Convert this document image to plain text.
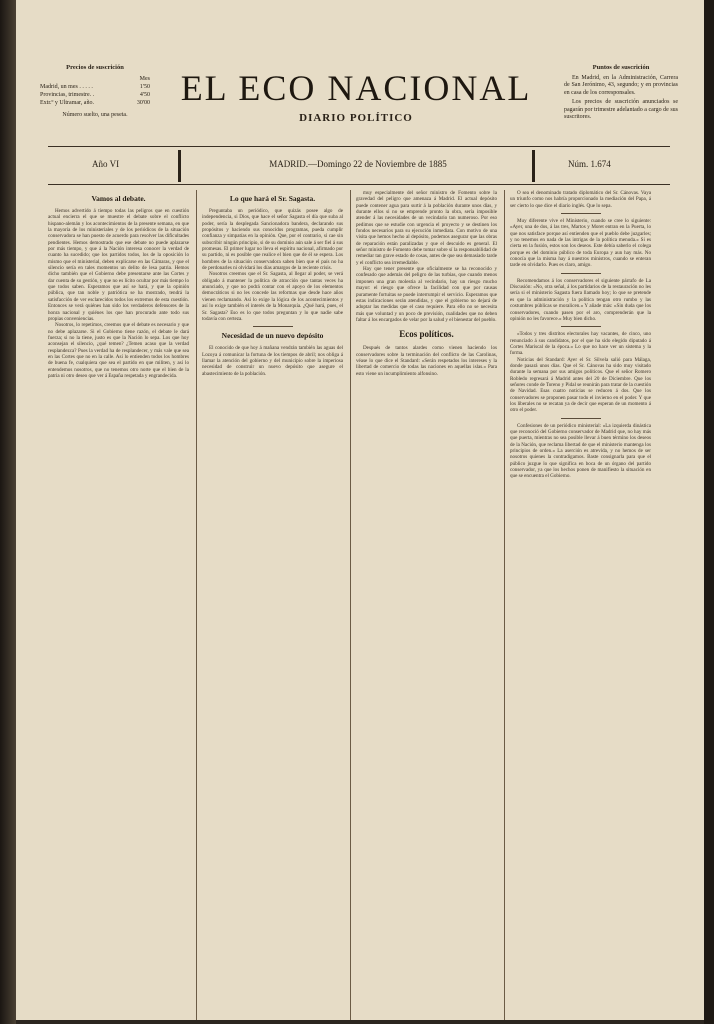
Precios de suscrición
Mes
Madrid, un mes . . . . .	1'50
Provincias, trimestre. .	4'50
Extr.º y Ultramar, año.	30'00
Número suelto, una peseta.
EL ECO NACIONAL
DIARIO POLÍTICO
Puntos de suscrición

En Madrid, en la Administración, Carrera de San Jerónimo, 43, segundo; y en provincias en casa de los corresponsales.

Los precios de suscrición anunciados se pagarán por trimestre adelantado a cargo de sus suscritores.

Año VI	MADRID.—Domingo 22 de Noviembre de 1885	Núm. 1.674
Vamos al debate.

Hemos advertido á tiempo todas las peligros que en cuestión actual encierra el que se muestre el debate sobre el conflicto hispano-alemán y los acontecimientos de la presente semana, en que la mayoría de los ministeriales y de los periódicos de la situación conservadora se han puesto de acuerdo para resolver las dificultades pendientes. Hemos demostrado que ese debate no puede aplazarse por más tiempo, y que á la Nación interesa conocer la verdad de cuanto ha sucedido; que los partidos todos, los de la oposición lo mismo que el ministerial, deben explicarse en las Cámaras, y que el silencio sería en tales momentos un delito de lesa patria. Hemos dicho también que el Gobierno debe presentarse ante las Cortes y dar cuenta de su gestión, y que no es lícito ocultar por más tiempo lo que todos saben. Esperamos que así se hará, y que la opinión pública, que tan noble y patriótica se ha mostrado, tendrá la satisfacción de ver esclarecidos todos los extremos de esta cuestión. Entonces se verá quiénes han sido los verdaderos defensores de la honra nacional y quiénes los que han procurado ante todo sus propias conveniencias.

Nosotros, lo repetimos, creemos que el debate es necesario y que no debe aplazarse. Si el Gobierno tiene razón, el debate le dará fuerza; si no la tiene, justo es que la Nación lo sepa. Los que hoy aconsejan el silencio, ¿qué temen? ¿Temen acaso que la verdad resplandezca? Pues la verdad ha de resplandecer, y más vale que sea en las Cortes que no en la calle. Así lo entienden todos los hombres de buena fe, cualquiera que sea el partido en que militen, y así lo entendemos nosotros, que no tenemos otro norte que el bien de la patria ni otro deseo que ver á España respetada y engrandecida.

Lo que hará el Sr. Sagasta.

Preguntaba un periódico, que quizás posee algo de independencia, si Dios, que hace el señor Sagasta el día que suba al poder, sería la desplegada Sancionadora bandera, declarando sus propósitos y haciendo sus conocidos programas, pueda cumplir confianza y simpatías en la opinión. Que, por el contrario, si cae sin subscribir ningún principio, si de su dominio aún sale á ser fiel á sus promesas. El primer lugar no lleva el espíritu nacional, afirmado por su partido, ni es posible que realice el bien que de él se espera. Los hombres de la situación conservadora saben bien que el país no ha de perdonarles ni olvidará los días amargos de la reciente crisis.

Nosotros creemos que el Sr. Sagasta, al llegar al poder, se verá obligado á mantener la política de atracción que tantas veces ha anunciado, y que no podrá contar con el apoyo de los elementos democráticos si no les concede las reformas que desde hace años vienen reclamando. Así lo exige la lógica de los acontecimientos y así lo exige también el interés de la Monarquía. ¿Qué hará, pues, el Sr. Sagasta? Eso es lo que todos preguntan y lo que nadie sabe todavía con certeza.

Necesidad de un nuevo depósito

El conocido de que hoy á mañana vendrán también las aguas del Lozoya á comunicar la fortuna de los tiempos de abril; nos obliga á llamar la atención del gobierno y del municipio sobre la imperiosa necesidad de construir un nuevo depósito que asegure el abastecimiento de la población.

muy especialmente del señor ministro de Fomento sobre la gravedad del peligro que amenaza á Madrid. El actual depósito puede contener agua para surtir á la población durante unos días, y durante ellos si no se emprende pronto la obra, sería imposible atender á las necesidades de un vecindario tan numeroso. Por eso pedimos que se estudie con urgencia el proyecto y se destinen los fondos necesarios para su ejecución inmediata. Con motivo de una visita que hemos hecho al depósito, podemos asegurar que las obras de reparación están paralizadas y que el descuido es general. El señor ministro de Fomento debe tomar sobre sí la responsabilidad de remediar tan grave estado de cosas, antes de que sea demasiado tarde y el conflicto sea irremediable.

Hay que tener presente que oficialmente se ha reconocido y confesado que además del peligro de las turbias, que cuando menos imponen una gran molestia al vecindario, hay un riesgo mucho mayor: el riesgo que ofrece la facilidad con que por causas puramente fortuitas se puede interrumpir el servicio. Esperamos que estas indicaciones serán atendidas, y que el gobierno no dejará de adoptar las medidas que el caso requiere. Para ello no se necesita más que voluntad y un poco de previsión, cualidades que no deben faltar á los encargados de velar por la salud y el bienestar del pueblo.

Ecos políticos.

Después de tantos alardes como vienen haciendo los conservadores sobre la terminación del conflicto de las Carolinas, véase lo que dice el Standard: «Serán respetados los intereses y la libertad de comercio de todas las naciones en aquellas islas.» Para esto viene un incumplimiento alfonsino.

O sea el denominado tratado diplomático del Sr. Cánovas. Vaya un triunfo como nos habría proporcionado la mediación del Papa, á ser cierto lo que dice el diario inglés. Que lo sepa.

Muy diferente vive el Ministerio, cuando se cree lo siguiente: «Ayer, una de dos, á las tres, Martos y Moret entran en la Puerta, lo que nos satisface porque así entienden que el pueblo debe juzgarles; y no tenemos en nada de las intrigas de la política menuda.» Si es cierta en la fusión, estos son los deseos. Este debía saberlo el colega porque es del dominio público de toda Europa y aun hay más. No conocía que la misma hay á nuestros ministros, cuando se enteran tarde en olvidarlo. Pues es claro, amigo.

Recomendamos á los conservadores el siguiente párrafo de La Discusión: «No, otra señal, á los partidarios de la restauración no les sería si el ministerio Sagasta fuera llamado hoy; lo que se pretende es que la administración y la política tengan otro rumbo y las costumbres públicas se moralicen.» Y añade más: «Sin duda que los conservadores, cuando pasen por el aro, comprenderán que la opinión no les favorece.» Muy bien dicho.

«Todos y tres distritos electorales hay vacantes, de cinco, uno renunciado á sus candidatos, por el que ha sido elegido diputado á Cortes Mariscal de la época.» Lo que no hace ver un sistema y la forma.

Noticias del Standard: Ayer el Sr. Silvela salió para Málaga, donde pasará unos días. Que el Sr. Cánovas ha sido muy visitado durante la semana por sus amigos políticos. Que el señor Romero Robledo regresará á Madrid antes del 20 de Diciembre. Que los señores conde de Toreno y Pidal se reunirán para tratar de la cuestión de Navidad. Esas cuatro noticias se reducen á dos. Que los conservadores se proponen pasar todo el invierno en el poder. Y que los liberales no se recatan ya de decir que esperan de un momento á otro el poder.

Confesiones de un periódico ministerial: «La izquierda dinástica que reconoció del Gobierno conservador de Madrid que, no hay más que puerta, mientras no sea posible llevar á buen término los deseos de la Nación, que reclama libertad de que el ministerio mantenga los principios de orden.» La aserción es atrevida, y no hemos de ser nosotros quienes la contradigamos. Baste consignarla para que el público juzgue lo que significa en boca de un órgano del partido conservador, ya que los hechos ponen de manifiesto la situación en que se encuentra el Gobierno.
